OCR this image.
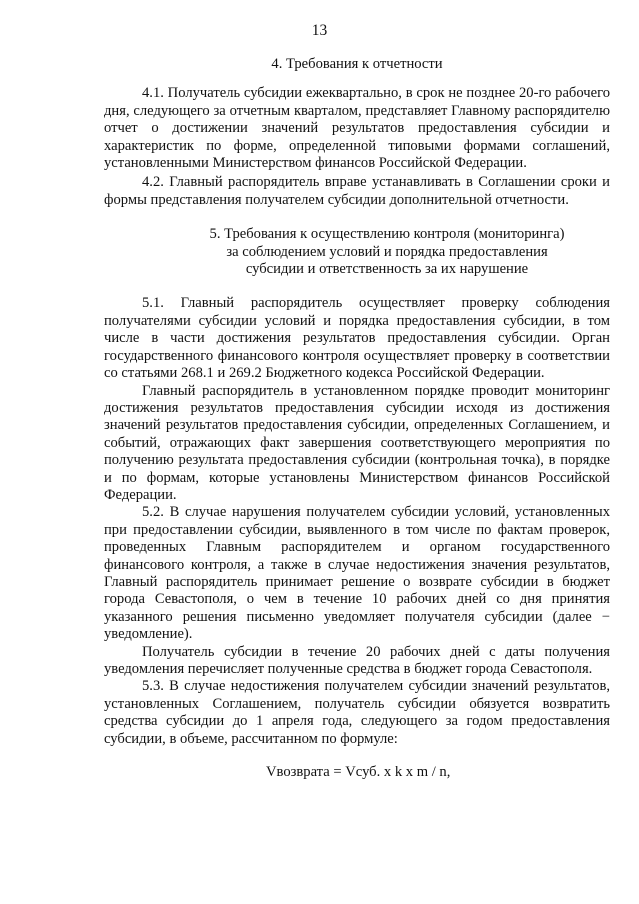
13

4. Требования к отчетности

4.1. Получатель субсидии ежеквартально, в срок не позднее 20-го рабочего дня, следующего за отчетным кварталом, представляет Главному распорядителю отчет о достижении значений результатов предоставления субсидии и характеристик по форме, определенной типовыми формами соглашений, установленными Министерством финансов Российской Федерации.

4.2. Главный распорядитель вправе устанавливать в Соглашении сроки и формы представления получателем субсидии дополнительной отчетности.

5. Требования к осуществлению контроля (мониторинга)
за соблюдением условий и порядка предоставления
субсидии и ответственность за их нарушение

5.1. Главный распорядитель осуществляет проверку соблюдения получателями субсидии условий и порядка предоставления субсидии, в том числе в части достижения результатов предоставления субсидии. Орган государственного финансового контроля осуществляет проверку в соответствии со статьями 268.1 и 269.2 Бюджетного кодекса Российской Федерации.

Главный распорядитель в установленном порядке проводит мониторинг достижения результатов предоставления субсидии исходя из достижения значений результатов предоставления субсидии, определенных Соглашением, и событий, отражающих факт завершения соответствующего мероприятия по получению результата предоставления субсидии (контрольная точка), в порядке и по формам, которые установлены Министерством финансов Российской Федерации.

5.2. В случае нарушения получателем субсидии условий, установленных при предоставлении субсидии, выявленного в том числе по фактам проверок, проведенных Главным распорядителем и органом государственного финансового контроля, а также в случае недостижения значения результатов, Главный распорядитель принимает решение о возврате субсидии в бюджет города Севастополя, о чем в течение 10 рабочих дней со дня принятия указанного решения письменно уведомляет получателя субсидии (далее − уведомление).

Получатель субсидии в течение 20 рабочих дней с даты получения уведомления перечисляет полученные средства в бюджет города Севастополя.

5.3. В случае недостижения получателем субсидии значений результатов, установленных Соглашением, получатель субсидии обязуется возвратить средства субсидии до 1 апреля года, следующего за годом предоставления субсидии, в объеме, рассчитанном по формуле:

Vвозврата = Vсуб. x k x m / n,
